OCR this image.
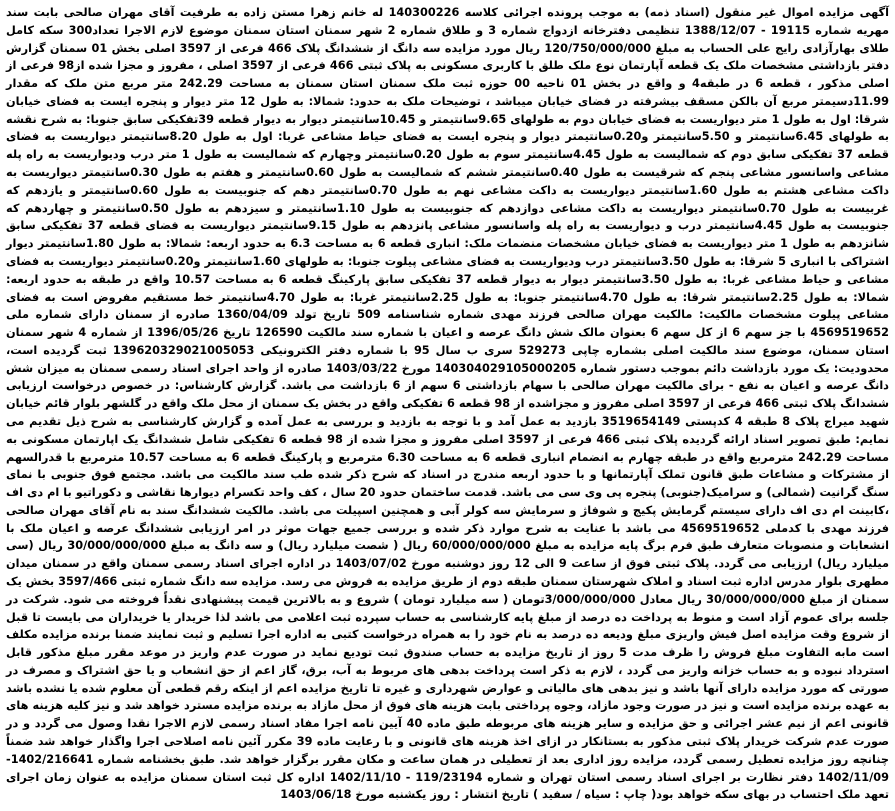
آگهی مزایده اموال غیر منقول (اسناد ذمه) به موجب پرونده اجرائی کلاسه 140300226 له خانم زهرا مستن زاده به طرفیت آقای مهران صالحی بابت سند مهریه شماره 19115 - 1388/12/07 تنظیمی دفترخانه ازدواج شماره 3 و طلاق شماره 2 شهر سمنان استان سمنان موضوع لازم الاجرا تعداد300 سکه کامل طلای بهارآزادی رایج علی الحساب به مبلغ 120/750/000/000 ریال مورد مزایده سه دانگ از ششدانگ پلاک 466 فرعی از 3597 اصلی بخش 01 سمنان گزارش دفتر بازداشتی مشخصات ملک یک قطعه آپارتمان نوع ملک طلق با کاربری مسکونی به پلاک ثبتی 466 فرعی از 3597 اصلی ، مفروز و مجزا شده از98 فرعی از اصلی مذکور ، قطعه 6 در طبقه4 و واقع در بخش 01 ناحیه 00 حوزه ثبت ملک سمنان استان سمنان به مساحت 242.29 متر مربع متن ملک که مقدار 11.99دسیمتر مربع آن بالکن مسقف بیشرفته در فضای خیابان میباشد ، توضیحات ملک به حدود: شمالا: به طول 12 متر دیوار و پنجره ایست به فضای خیابان شرقا: اول به طول 1 متر دیواریست به فضای خیابان دوم به طولهای 9.65سانتیمتر و 10.45سانتیمتر دیوار به دیوار قطعه 39تفکیکی سابق جنوبا: به شرح نقشه به طولهای 6.45سانتیمتر و 5.50سانتیمتر و0.20سانتیمتر دیوار و پنجره ایست به فضای حیاط مشاعی غربا: اول به طول 8.20سانتیمتر دیواریست به فضای قطعه 37 تفکیکی سابق دوم که شمالیست به طول 4.45سانتیمتر سوم به طول 0.20سانتیمتر وچهارم که شمالیست به طول 1 متر درب ودیواریست به راه پله مشاعی واسانسور مشاعی پنجم که شرقیست به طول 0.40سانتیمتر ششم که شمالیست به طول 0.60سانتیمتر و هفتم به طول 0.30سانتیمتر دیواریست به داکت مشاعی هشتم به طول 1.60سانتیمتر دیواریست به داکت مشاعی نهم به طول 0.70سانتیمتر دهم که جنوبیست به طول 0.60سانتیمتر و یازدهم که غربیست به طول 0.70سانتیمتر دیواریست به داکت مشاعی دوازدهم که جنوبیست به طول 1.10سانتیمتر و سیزدهم به طول 0.50سانتیمتر و چهاردهم که جنوبیست به طول 4.45سانتیمتر درب و دیواریست به راه پله واسانسور مشاعی پانزدهم به طول 9.15سانتیمتر دیواریست به فضای قطعه 37 تفکیکی سابق شانزدهم به طول 1 متر دیواریست به فضای خیابان مشخصات منضمات ملک: انباری قطعه 6 به مساحت 6.3 به حدود اربعه: شمالا: به طول 1.80سانتیمتر دیوار اشتراکی با انباری 5 شرقا: به طول 3.50سانتیمتر درب ودیواریست به فضای مشاعی پیلوت جنوبا: به طولهای 1.60سانتیمتر و0.20سانتیمتر دیواریست به فضای مشاعی و حیاط مشاعی غربا: به طول 3.50سانتیمتر دیوار به دیوار قطعه 37 تفکیکی سابق پارکینگ قطعه 6 به مساحت 10.57 واقع در طبقه به حدود اربعه: شمالا: به طول 2.25سانتیمتر شرقا: به طول 4.70سانتیمتر جنوبا: به طول 2.25سانتیمتر غربا: به طول 4.70سانتیمتر خط مستقیم مفروض است به فضای مشاعی پیلوت مشخصات مالکیت: مالکیت مهران صالحی فرزند مهدی شماره شناسنامه 509 تاریخ تولد 1360/04/09 صادره از سمنان دارای شماره ملی 4569519652 با جز سهم 6 از کل سهم 6 بعنوان مالک شش دانگ عرصه و اعیان با شماره سند مالکیت 126590 تاریخ 1396/05/26 از شماره 4 شهر سمنان استان سمنان، موضوع سند مالکیت اصلی بشماره چاپی 529273 سری ب سال 95 با شماره دفتر الکترونیکی 139620329021005053 ثبت گردیده است، محدودیت: یک مورد بازداشت دائم بموجب دستور شماره 140304029105000205 مورخ 1403/03/22 صادره از واحد اجرای اسناد رسمی سمنان به میزان شش دانگ عرصه و اعیان به نفع - برای مالکیت مهران صالحی با سهام بازداشتی 6 سهم از 6 بازداشت می باشد. گزارش کارشناس: در خصوص درخواست ارزیابی ششدانگ پلاک ثبتی 466 فرعی از 3597 اصلی مفروز و مجزاشده از 98 قطعه 6 تفکیکی واقع در بخش یک سمنان از محل ملک واقع در گلشهر بلوار قائم خیابان شهید میراج پلاک 8 طبقه 4 کدپستی 3519654149 بازدید به عمل آمد و با توجه به بازدید و بررسی به عمل آمده و گزارش کارشناسی به شرح ذیل تقدیم می نمایم: طبق تصویر اسناد ارائه گردیده پلاک ثبتی 466 فرعی از 3597 اصلی مفروز و مجزا شده از 98 قطعه 6 تفکیکی شامل ششدانگ یک اپارتمان مسکونی به مساحت 242.29 مترمربع واقع در طبقه چهارم به انضمام انباری قطعه 6 به مساحت 6.30 مترمربع و پارکینگ قطعه 6 به مساحت 10.57 مترمربع با قدرالسهم از مشترکات و مشاعات طبق قانون تملک آپارتمانها و با حدود اربعه مندرج در اسناد که شرح ذکر شده طب سند مالکیت می باشد. مجتمع فوق جنوبی با نمای سنگ گرانیت (شمالی) و سرامیک(جنوبی) پنجره پی وی سی می باشد. قدمت ساختمان حدود 20 سال ، کف واحد تکسرام دیوارها نقاشی و دکوراتیو با ام دی اف ،کابینت ام دی اف دارای سیستم گرمایش پکیج و شوفاژ و سرمایش سه کولر آبی و همچنین اسپیلت می باشد. مالکیت ششدانگ سند به نام آقای مهران صالحی فرزند مهدی با کدملی 4569519652 می باشد با عنایت به شرح موارد ذکر شده و بررسی جمیع جهات موثر در امر ارزیابی ششدانگ عرصه و اعیان ملک با انشعابات و منصوبات متعارف طبق فرم برگ پایه مزایده به مبلغ 60/000/000/000 ریال ( شصت میلیارد ریال) و سه دانگ به مبلغ 30/000/000/000 ریال (سی میلیارد ریال) ارزیابی می گردد. پلاک ثبتی فوق از ساعت 9 الی 12 روز دوشنبه مورخ 1403/07/02 در اداره اجرای اسناد رسمی سمنان واقع در سمنان میدان مطهری بلوار مدرس اداره ثبت اسناد و املاک شهرستان سمنان طبقه دوم از طریق مزایده به فروش می رسد. مزایده سه دانگ شماره ثبتی 3597/466 بخش یک سمنان از مبلغ 30/000/000/000 ریال معادل 3/000/000/000تومان ( سه میلیارد تومان ) شروع و به بالاترین قیمت پیشنهادی نقداً فروخته می شود. شرکت در جلسه برای عموم آزاد است و منوط به پرداخت ده درصد از مبلغ پایه کارشناسی به حساب سپرده ثبت اعلامی می باشد لذا خریدار یا خریداران می بایست تا قبل از شروع وقت مزایده اصل فیش واریزی مبلغ ودیعه ده درصد به نام خود را به همراه درخواست کتبی به اداره اجرا تسلیم و ثبت نمایند ضمنا برنده مزایده مکلف است مابه التفاوت مبلغ فروش را ظرف مدت 5 روز از تاریخ مزایده به حساب صندوق ثبت تودیع نماید در صورت عدم واریز در موعد مقرر مبلغ مذکور قابل استرداد نبوده و به حساب خزانه واریز می گردد ، لازم به ذکر است پرداخت بدهی های مربوط به آب، برق، گاز اعم از حق انشعاب و یا حق اشتراک و مصرف در صورتی که مورد مزایده دارای آنها باشد و نیز بدهی های مالیاتی و عوارض شهرداری و غیره تا تاریخ مزایده اعم از اینکه رقم قطعی آن معلوم شده یا نشده باشد به عهده برنده مزایده است و نیز در صورت وجود مازاد، وجوه پرداختی بابت هزینه های فوق از محل مازاد به برنده مزایده مسترد خواهد شد و نیز کلیه هزینه های قانونی اعم از نیم عشر اجرائی و حق مزایده و سایر هزینه های مربوطه طبق ماده 40 آیین نامه اجرا مفاد اسناد رسمی لازم الاجرا نقدا وصول می گردد و در صورت عدم شرکت خریدار پلاک ثبتی مذکور به بستانکار در ازای اخذ هزینه های قانونی و با رعایت ماده 39 مکرر آئین نامه اصلاحی اجرا واگذار خواهد شد ضمناً چنانچه روز مزایده تعطیل رسمی گردد، مزایده روز اداری بعد از تعطیلی در همان ساعت و مکان مقرر برگزار خواهد شد. طبق بخشنامه شماره 1402/216641- 1402/11/09 دفتر نظارت بر اجرای اسناد رسمی استان تهران و شماره 119/23194 - 1402/11/10 اداره کل ثبت استان سمنان مزایده به عنوان زمان اجرای تعهد ملک احتساب در بهای سکه خواهد بود( چاپ : سیاه / سفید ) تاریخ انتشار : روز یکشنبه مورخ 1403/06/18
